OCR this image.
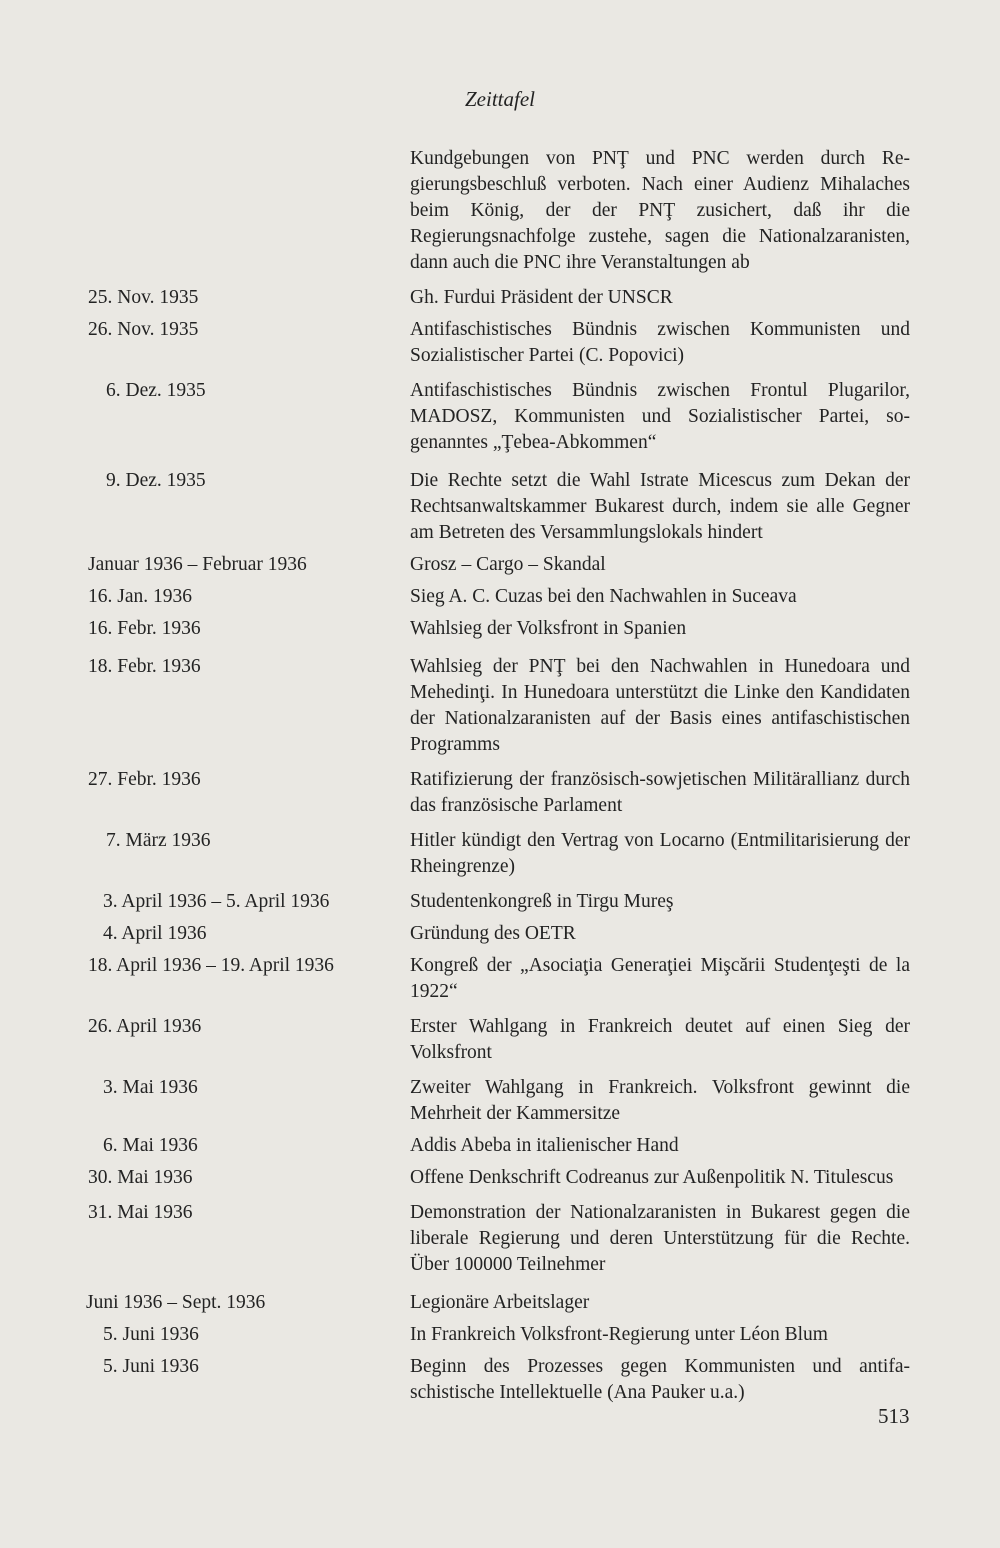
Zeittafel
Kundgebungen von PNŢ und PNC werden durch Regierungsbeschluß verboten. Nach einer Audienz Mihalaches beim König, der der PNŢ zusichert, daß ihr die Regierungsnachfolge zustehe, sagen die Nationalzaranisten, dann auch die PNC ihre Veranstaltungen ab
25. Nov. 1935	Gh. Furdui Präsident der UNSCR
26. Nov. 1935	Antifaschistisches Bündnis zwischen Kommunisten und Sozialistischer Partei (C. Popovici)
6. Dez. 1935	Antifaschistisches Bündnis zwischen Frontul Plugarilor, MADOSZ, Kommunisten und Sozialistischer Partei, sogenanntes „Ţebea-Abkommen“
9. Dez. 1935	Die Rechte setzt die Wahl Istrate Micescus zum Dekan der Rechtsanwaltskammer Bukarest durch, indem sie alle Gegner am Betreten des Versammlungslokals hindert
Januar 1936 – Februar 1936	Grosz – Cargo – Skandal
16. Jan. 1936	Sieg A. C. Cuzas bei den Nachwahlen in Suceava
16. Febr. 1936	Wahlsieg der Volksfront in Spanien
18. Febr. 1936	Wahlsieg der PNŢ bei den Nachwahlen in Hunedoara und Mehedinţi. In Hunedoara unterstützt die Linke den Kandidaten der Nationalzaranisten auf der Basis eines antifaschistischen Programms
27. Febr. 1936	Ratifizierung der französisch-sowjetischen Militärallianz durch das französische Parlament
7. März 1936	Hitler kündigt den Vertrag von Locarno (Entmilitarisierung der Rheingrenze)
3. April 1936 – 5. April 1936	Studentenkongreß in Tirgu Mureş
4. April 1936	Gründung des OETR
18. April 1936 – 19. April 1936	Kongreß der „Asociaţia Generaţiei Mişcării Studenţeşti de la 1922“
26. April 1936	Erster Wahlgang in Frankreich deutet auf einen Sieg der Volksfront
3. Mai 1936	Zweiter Wahlgang in Frankreich. Volksfront gewinnt die Mehrheit der Kammersitze
6. Mai 1936	Addis Abeba in italienischer Hand
30. Mai 1936	Offene Denkschrift Codreanus zur Außenpolitik N. Titulescus
31. Mai 1936	Demonstration der Nationalzaranisten in Bukarest gegen die liberale Regierung und deren Unterstützung für die Rechte. Über 100000 Teilnehmer
Juni 1936 – Sept. 1936	Legionäre Arbeitslager
5. Juni 1936	In Frankreich Volksfront-Regierung unter Léon Blum
5. Juni 1936	Beginn des Prozesses gegen Kommunisten und antifaschistische Intellektuelle (Ana Pauker u.a.)
513
